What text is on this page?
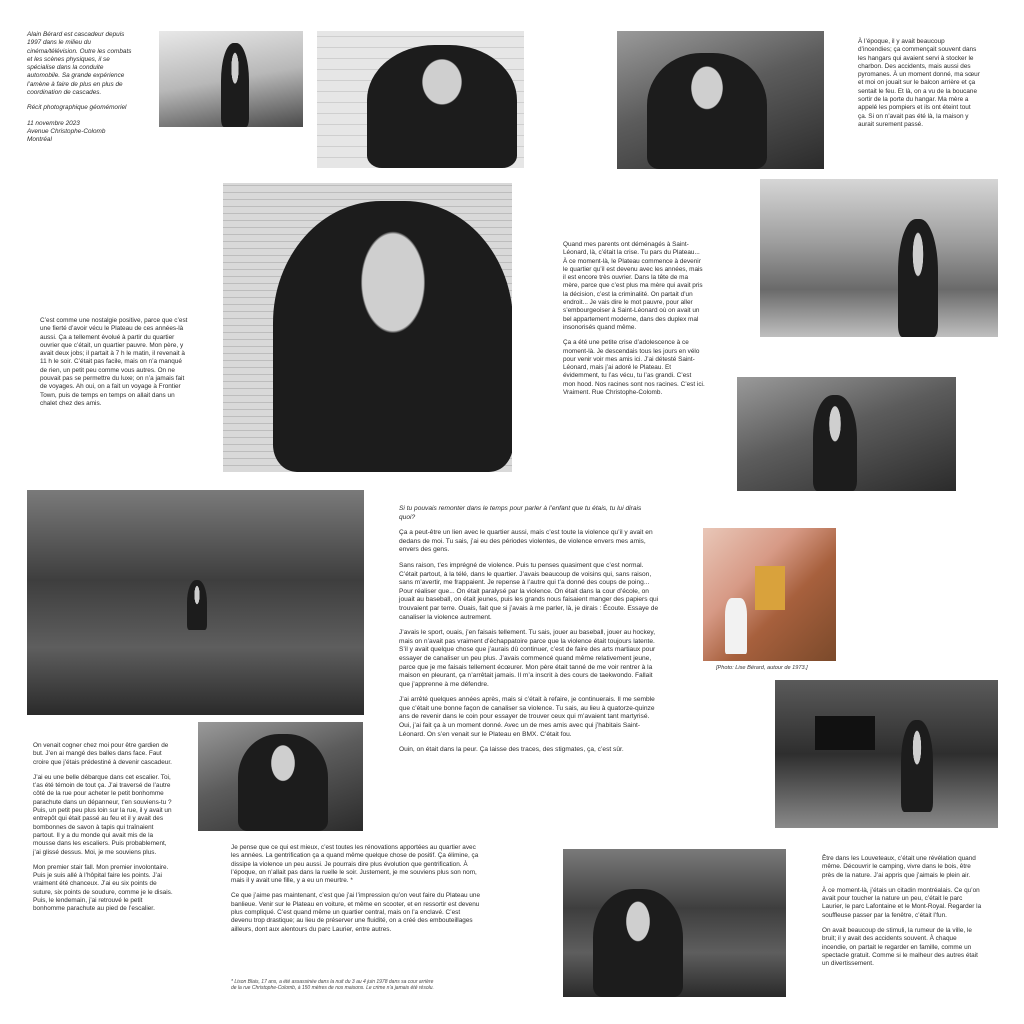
Alain Bérard est cascadeur depuis 1997 dans le milieu du cinéma/télévision. Outre les combats et les scènes physiques, il se spécialise dans la conduite automobile. Sa grande expérience l’amène à faire de plus en plus de coordination de cascades.

Récit photographique géomémoriel

11 novembre 2023
Avenue Christophe-Colomb
Montréal
À l’époque, il y avait beaucoup d’incendies; ça commençait souvent dans les hangars qui avaient servi à stocker le charbon. Des accidents, mais aussi des pyromanes. À un moment donné, ma sœur et moi on jouait sur le balcon arrière et ça sentait le feu. Et là, on a vu de la boucane sortir de la porte du hangar. Ma mère a appelé les pompiers et ils ont éteint tout ça. Si on n’avait pas été là, la maison y aurait surement passé.
C’est comme une nostalgie positive, parce que c’est une fierté d’avoir vécu le Plateau de ces années-là aussi. Ça a tellement évolué à partir du quartier ouvrier que c’était, un quartier pauvre. Mon père, y avait deux jobs; il partait à 7 h le matin, il revenait à 11 h le soir. C’était pas facile, mais on n’a manqué de rien, un petit peu comme vous autres. On ne pouvait pas se permettre du luxe; on n’a jamais fait de voyages. Ah oui, on a fait un voyage à Frontier Town, puis de temps en temps on allait dans un chalet chez des amis.

Quand mes parents ont déménagés à Saint-Léonard, là, c’était la crise. Tu pars du Plateau... À ce moment-là, le Plateau commence à devenir le quartier qu’il est devenu avec les années, mais il est encore très ouvrier. Dans la tête de ma mère, parce que c’est plus ma mère qui avait pris la décision, c’est la criminalité. On partait d’un endroit... Je vais dire le mot pauvre, pour aller s’embourgeoiser à Saint-Léonard où on avait un bel appartement moderne, dans des duplex mal insonorisés quand même.

Ça a été une petite crise d’adolescence à ce moment-là. Je descendais tous les jours en vélo pour venir voir mes amis ici. J’ai détesté Saint-Léonard, mais j’ai adoré le Plateau. Et évidemment, tu l’as vécu, tu l’as grandi. C’est mon hood. Nos racines sont nos racines. C’est ici. Vraiment. Rue Christophe-Colomb.

Si tu pouvais remonter dans le temps pour parler à l’enfant que tu étais, tu lui dirais quoi?

Ça a peut-être un lien avec le quartier aussi, mais c’est toute la violence qu’il y avait en dedans de moi. Tu sais, j’ai eu des périodes violentes, de violence envers mes amis, envers des gens.

Sans raison, t’es imprégné de violence. Puis tu penses quasiment que c’est normal. C’était partout, à la télé, dans le quartier. J’avais beaucoup de voisins qui, sans raison, sans m’avertir, me frappaient. Je repense à l’autre qui t’a donné des coups de poing... Pour réaliser que... On était paralysé par la violence. On était dans la cour d’école, on jouait au baseball, on était jeunes, puis les grands nous faisaient manger des papiers qui trouvaient par terre. Ouais, fait que si j’avais à me parler, là, je dirais : Écoute. Essaye de canaliser la violence autrement.

J’avais le sport, ouais, j’en faisais tellement. Tu sais, jouer au baseball, jouer au hockey, mais on n’avait pas vraiment d’échappatoire parce que la violence était toujours latente. S’il y avait quelque chose que j’aurais dû continuer, c’est de faire des arts martiaux pour essayer de canaliser un peu plus. J’avais commencé quand même relativement jeune, parce que je me faisais tellement écœurer. Mon père était tanné de me voir rentrer à la maison en pleurant, ça n’arrêtait jamais. Il m’a inscrit à des cours de taekwondo. Fallait que j’apprenne à me défendre.

J’ai arrêté quelques années après, mais si c’était à refaire, je continuerais. Il me semble que c’était une bonne façon de canaliser sa violence. Tu sais, au lieu à quatorze-quinze ans de revenir dans le coin pour essayer de trouver ceux qui m’avaient tant martyrisé. Oui, j’ai fait ça à un moment donné. Avec un de mes amis avec qui j’habitais Saint-Léonard. On s’en venait sur le Plateau en BMX. C’était fou.

Ouin, on était dans la peur. Ça laisse des traces, des stigmates, ça, c’est sûr.

[Photo: Lise Bérard, autour de 1973.]

On venait cogner chez moi pour être gardien de but. J’en ai mangé des balles dans face. Faut croire que j’étais prédestiné à devenir cascadeur.

J’ai eu une belle débarque dans cet escalier. Toi, t’as été témoin de tout ça. J’ai traversé de l’autre côté de la rue pour acheter le petit bonhomme parachute dans un dépanneur, t’en souviens-tu ? Puis, un petit peu plus loin sur la rue, il y avait un entrepôt qui était passé au feu et il y avait des bombonnes de savon à tapis qui traînaient partout. Il y a du monde qui avait mis de la mousse dans les escaliers. Puis probablement, j’ai glissé dessus. Moi, je me souviens plus.

Mon premier stair fall. Mon premier involontaire. Puis je suis allé à l’hôpital faire les points. J’ai vraiment été chanceux. J’ai eu six points de suture, six points de soudure, comme je le disais. Puis, le lendemain, j’ai retrouvé le petit bonhomme parachute au pied de l’escalier.

Je pense que ce qui est mieux, c’est toutes les rénovations apportées au quartier avec les années. La gentrification ça a quand même quelque chose de positif. Ça élimine, ça dissipe la violence un peu aussi. Je pourrais dire plus évolution que gentrification. À l’époque, on n’allait pas dans la ruelle le soir. Justement, je me souviens plus son nom, mais il y avait une fille, y a eu un meurtre. *

Ce que j’aime pas maintenant, c’est que j’ai l’impression qu’on veut faire du Plateau une banlieue. Venir sur le Plateau en voiture, et même en scooter, et en ressortir est devenu plus compliqué. C’est quand même un quartier central, mais on l’a enclavé. C’est devenu trop drastique; au lieu de préserver une fluidité, on a créé des embouteillages ailleurs, dont aux alentours du parc Laurier, entre autres.

* Lison Blais, 17 ans, a été assassinée dans la nuit du 3 au 4 juin 1978 dans sa cour arrière de la rue Christophe-Colomb, à 150 mètres de nos maisons. Le crime n’a jamais été résolu.

Être dans les Louveteaux, c’était une révélation quand même. Découvrir le camping, vivre dans le bois, être près de la nature. J’ai appris que j’aimais le plein air.

À ce moment-là, j’étais un citadin montréalais. Ce qu’on avait pour toucher la nature un peu, c’était le parc Laurier, le parc Lafontaine et le Mont-Royal. Regarder la souffleuse passer par la fenêtre, c’était l’fun.

On avait beaucoup de stimuli, la rumeur de la ville, le bruit; il y avait des accidents souvent. À chaque incendie, on partait le regarder en famille, comme un spectacle gratuit. Comme si le malheur des autres était un divertissement.
